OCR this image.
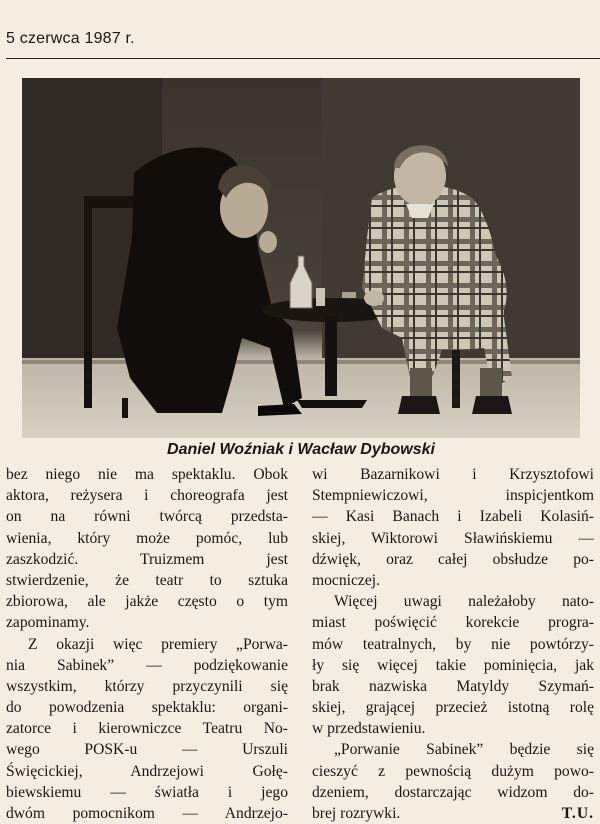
5 czerwca 1987 r.
Daniel Woźniak i Wacław Dybowski
bez niego nie ma spektaklu. Obok
aktora, reżysera i choreografa jest
on na równi twórcą przedsta-
wienia, który może pomóc, lub
zaszkodzić. Truizmem jest
stwierdzenie, że teatr to sztuka
zbiorowa, ale jakże często o tym
zapominamy.
Z okazji więc premiery „Porwa-
nia Sabinek” — podziękowanie
wszystkim, którzy przyczynili się
do powodzenia spektaklu: organi-
zatorce i kierowniczce Teatru No-
wego POSK-u — Urszuli
Święcickiej, Andrzejowi Gołę-
biewskiemu — światła i jego
dwóm pomocnikom — Andrzejo-
wi Bazarnikowi i Krzysztofowi
Stempniewiczowi, inspicjentkom
— Kasi Banach i Izabeli Kolasiń-
skiej, Wiktorowi Sławińskiemu —
dźwięk, oraz całej obsłudze po-
mocniczej.
Więcej uwagi należałoby nato-
miast poświęcić korekcie progra-
mów teatralnych, by nie powtórzy-
ły się więcej takie pominięcia, jak
brak nazwiska Matyldy Szymań-
skiej, grającej przecież istotną rolę
w przedstawieniu.
„Porwanie Sabinek” będzie się
cieszyć z pewnością dużym powo-
dzeniem, dostarczając widzom do-
brej rozrywki.	T.U.
